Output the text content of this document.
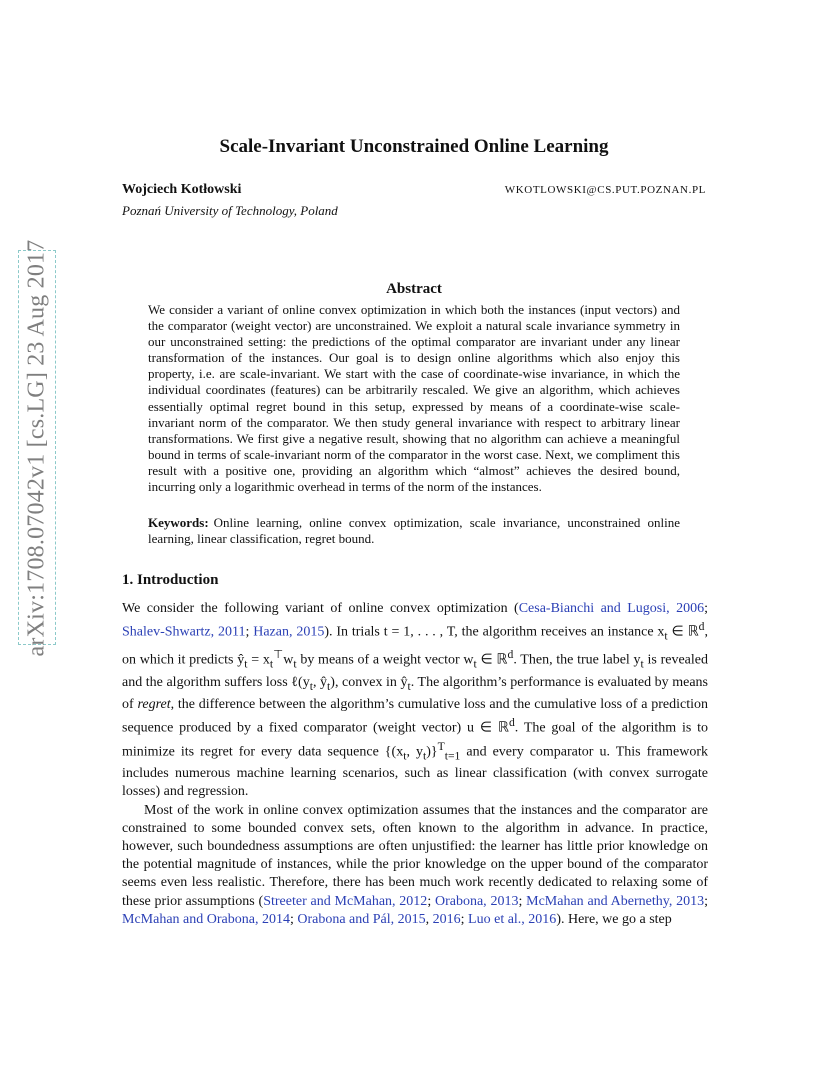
arXiv:1708.07042v1 [cs.LG] 23 Aug 2017
Scale-Invariant Unconstrained Online Learning
Wojciech Kotłowski	WKOTLOWSKI@CS.PUT.POZNAN.PL
Poznań University of Technology, Poland
Abstract

We consider a variant of online convex optimization in which both the instances (input vectors) and the comparator (weight vector) are unconstrained. We exploit a natural scale invariance symmetry in our unconstrained setting: the predictions of the optimal comparator are invariant under any linear transformation of the instances. Our goal is to design online algorithms which also enjoy this property, i.e. are scale-invariant. We start with the case of coordinate-wise invariance, in which the individual coordinates (features) can be arbitrarily rescaled. We give an algorithm, which achieves essentially optimal regret bound in this setup, expressed by means of a coordinate-wise scale-invariant norm of the comparator. We then study general invariance with respect to arbitrary linear transformations. We first give a negative result, showing that no algorithm can achieve a meaningful bound in terms of scale-invariant norm of the comparator in the worst case. Next, we compliment this result with a positive one, providing an algorithm which “almost” achieves the desired bound, incurring only a logarithmic overhead in terms of the norm of the instances.

Keywords: Online learning, online convex optimization, scale invariance, unconstrained online learning, linear classification, regret bound.

1. Introduction

We consider the following variant of online convex optimization (Cesa-Bianchi and Lugosi, 2006; Shalev-Shwartz, 2011; Hazan, 2015). In trials t = 1, . . . , T, the algorithm receives an instance $x_t$ ∈ ℝ$^d$, on which it predicts $ŷ_t = x_t^⊤w_t$ by means of a weight vector $w_t$ ∈ ℝ$^d$. Then, the true label $y_t$ is revealed and the algorithm suffers loss $\ell(y_t$, $ŷ_t$), convex in $ŷ_t$. The algorithm’s performance is evaluated by means of regret, the difference between the algorithm’s cumulative loss and the cumulative loss of a prediction sequence produced by a fixed comparator (weight vector) u ∈ ℝ$^d$. The goal of the algorithm is to minimize its regret for every data sequence {($x_t$, $y_t)\}^T_{t=1}$ and every comparator u. This framework includes numerous machine learning scenarios, such as linear classification (with convex surrogate losses) and regression.

Most of the work in online convex optimization assumes that the instances and the comparator are constrained to some bounded convex sets, often known to the algorithm in advance. In practice, however, such boundedness assumptions are often unjustified: the learner has little prior knowledge on the potential magnitude of instances, while the prior knowledge on the upper bound of the comparator seems even less realistic. Therefore, there has been much work recently dedicated to relaxing some of these prior assumptions (Streeter and McMahan, 2012; Orabona, 2013; McMahan and Abernethy, 2013; McMahan and Orabona, 2014; Orabona and Pál, 2015, 2016; Luo et al., 2016). Here, we go a step
